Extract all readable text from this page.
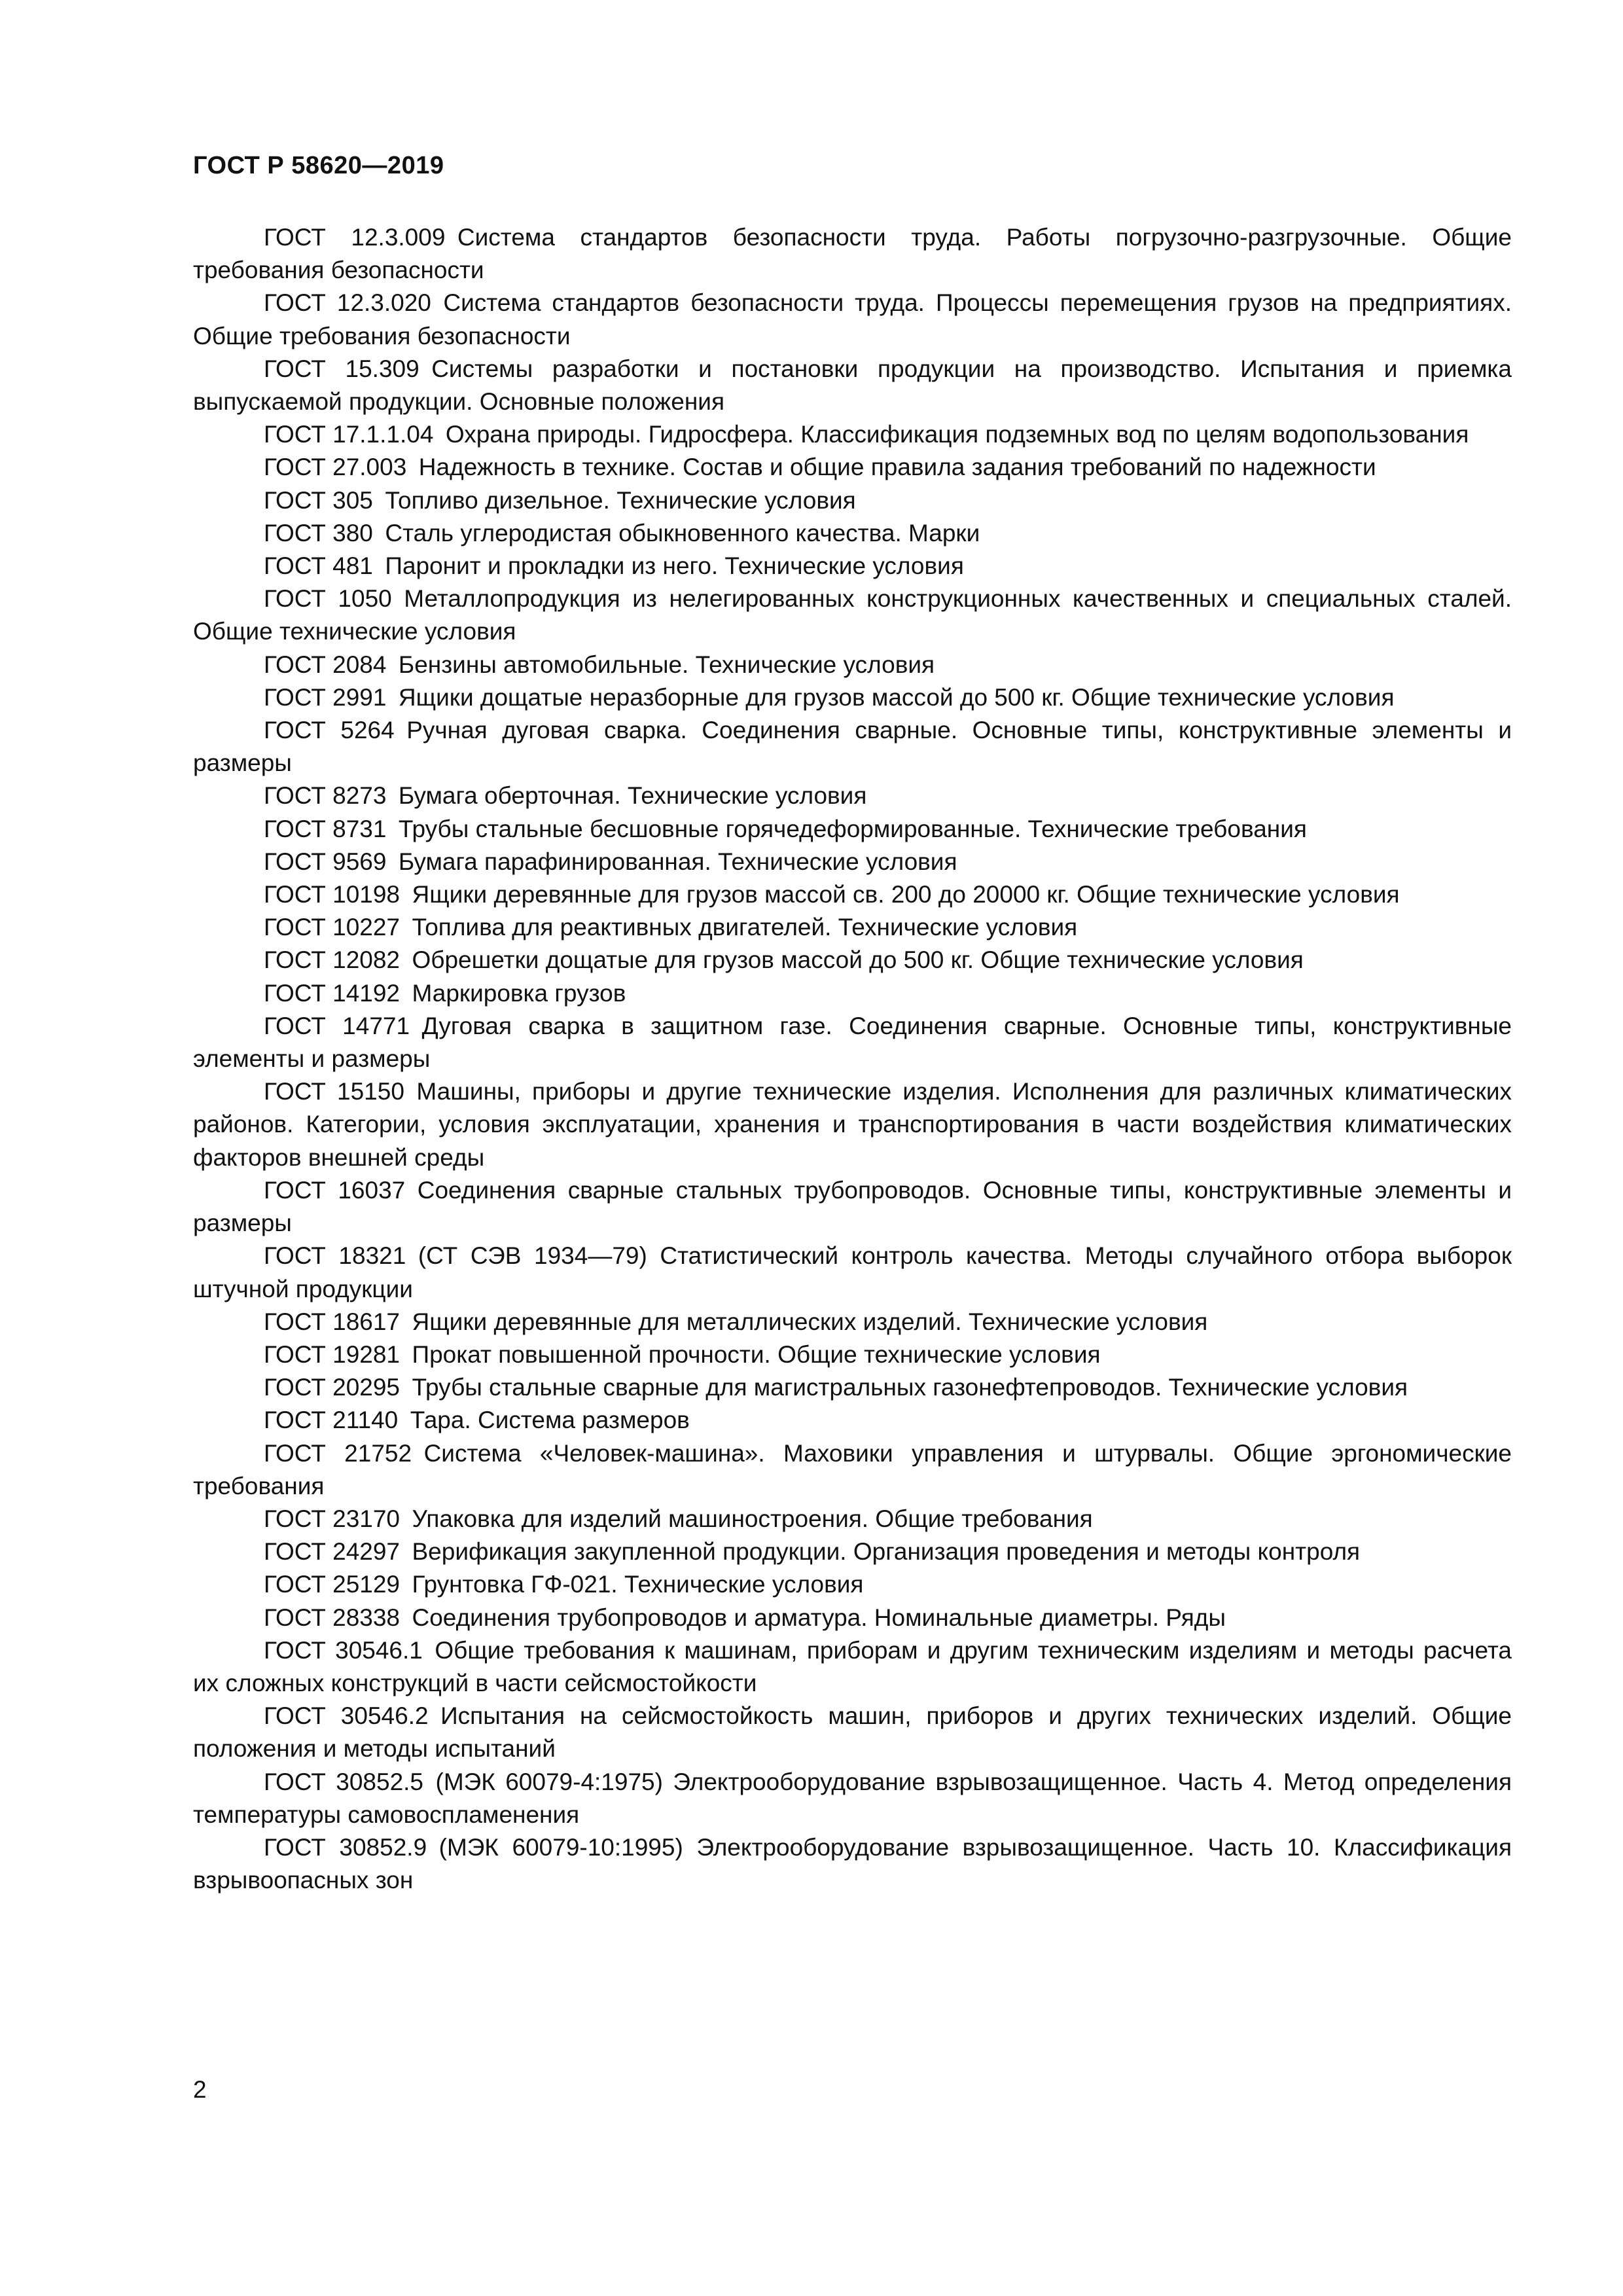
ГОСТ Р 58620—2019

ГОСТ 12.3.009  Система стандартов безопасности труда. Работы погрузочно-разгрузочные. Общие требования безопасности

ГОСТ 12.3.020  Система стандартов безопасности труда. Процессы перемещения грузов на предприятиях. Общие требования безопасности

ГОСТ 15.309  Системы разработки и постановки продукции на производство. Испытания и приемка выпускаемой продукции. Основные положения

ГОСТ 17.1.1.04  Охрана природы. Гидросфера. Классификация подземных вод по целям водопользования

ГОСТ 27.003  Надежность в технике. Состав и общие правила задания требований по надежности

ГОСТ 305  Топливо дизельное. Технические условия

ГОСТ 380  Сталь углеродистая обыкновенного качества. Марки

ГОСТ 481  Паронит и прокладки из него. Технические условия

ГОСТ 1050  Металлопродукция из нелегированных конструкционных качественных и специальных сталей. Общие технические условия

ГОСТ 2084  Бензины автомобильные. Технические условия

ГОСТ 2991  Ящики дощатые неразборные для грузов массой до 500 кг. Общие технические условия

ГОСТ 5264  Ручная дуговая сварка. Соединения сварные. Основные типы, конструктивные элементы и размеры

ГОСТ 8273  Бумага оберточная. Технические условия

ГОСТ 8731  Трубы стальные бесшовные горячедеформированные. Технические требования

ГОСТ 9569  Бумага парафинированная. Технические условия

ГОСТ 10198  Ящики деревянные для грузов массой св. 200 до 20000 кг. Общие технические условия

ГОСТ 10227  Топлива для реактивных двигателей. Технические условия

ГОСТ 12082  Обрешетки дощатые для грузов массой до 500 кг. Общие технические условия

ГОСТ 14192  Маркировка грузов

ГОСТ 14771  Дуговая сварка в защитном газе. Соединения сварные. Основные типы, конструктивные элементы и размеры

ГОСТ 15150  Машины, приборы и другие технические изделия. Исполнения для различных климатических районов. Категории, условия эксплуатации, хранения и транспортирования в части воздействия климатических факторов внешней среды

ГОСТ 16037  Соединения сварные стальных трубопроводов. Основные типы, конструктивные элементы и размеры

ГОСТ 18321  (СТ СЭВ 1934—79) Статистический контроль качества. Методы случайного отбора выборок штучной продукции

ГОСТ 18617  Ящики деревянные для металлических изделий. Технические условия

ГОСТ 19281  Прокат повышенной прочности. Общие технические условия

ГОСТ 20295  Трубы стальные сварные для магистральных газонефтепроводов. Технические условия

ГОСТ 21140  Тара. Система размеров

ГОСТ 21752  Система «Человек-машина». Маховики управления и штурвалы. Общие эргономические требования

ГОСТ 23170  Упаковка для изделий машиностроения. Общие требования

ГОСТ 24297  Верификация закупленной продукции. Организация проведения и методы контроля

ГОСТ 25129  Грунтовка ГФ-021. Технические условия

ГОСТ 28338  Соединения трубопроводов и арматура. Номинальные диаметры. Ряды

ГОСТ 30546.1  Общие требования к машинам, приборам и другим техническим изделиям и методы расчета их сложных конструкций в части сейсмостойкости

ГОСТ 30546.2  Испытания на сейсмостойкость машин, приборов и других технических изделий. Общие положения и методы испытаний

ГОСТ 30852.5  (МЭК 60079-4:1975) Электрооборудование взрывозащищенное. Часть 4. Метод определения температуры самовоспламенения

ГОСТ 30852.9  (МЭК 60079-10:1995) Электрооборудование взрывозащищенное. Часть 10. Классификация взрывоопасных зон

2
